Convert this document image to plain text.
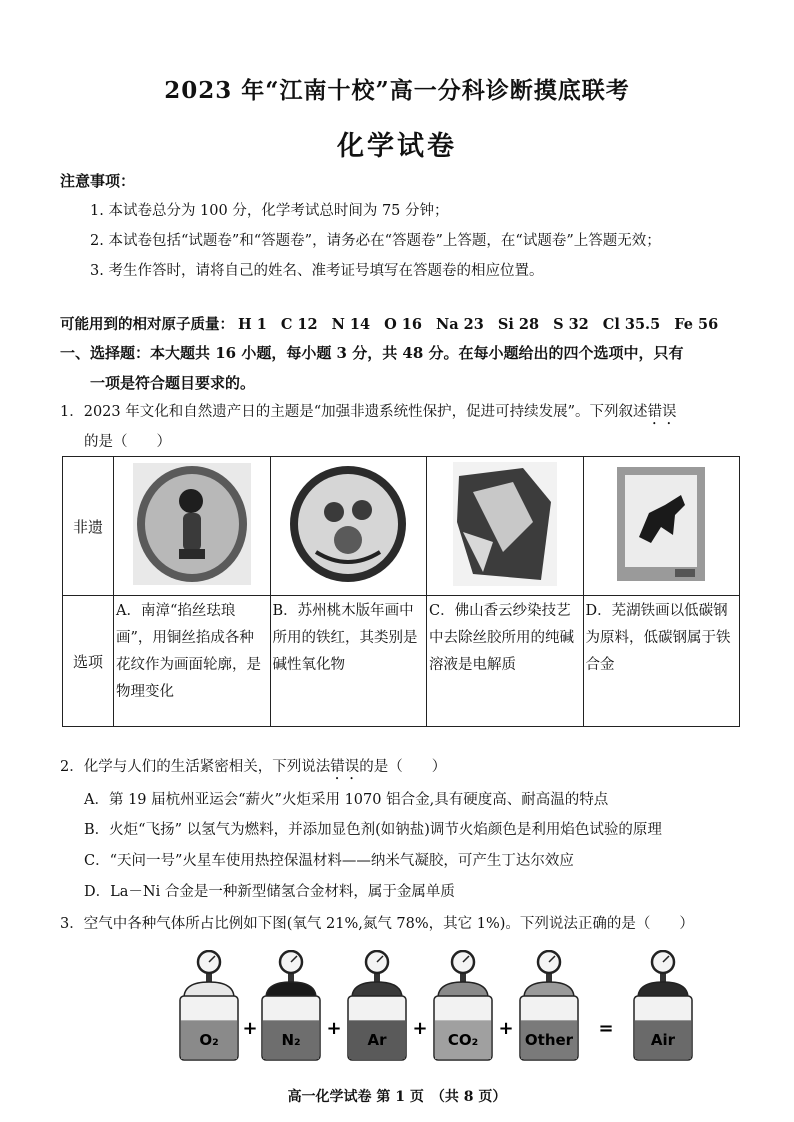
2023 年“江南十校”高一分科诊断摸底联考
化学试卷
注意事项：
1. 本试卷总分为 100 分，化学考试总时间为 75 分钟；
2. 本试卷包括“试题卷”和“答题卷”，请务必在“答题卷”上答题，在“试题卷”上答题无效；
3. 考生作答时，请将自己的姓名、准考证号填写在答题卷的相应位置。
可能用到的相对原子质量： H 1 C 12 N 14 O 16 Na 23 Si 28 S 32 Cl 35.5 Fe 56
一、选择题：本大题共 16 小题，每小题 3 分，共 48 分。在每小题给出的四个选项中，只有
一项是符合题目要求的。
1．2023 年文化和自然遗产日的主题是“加强非遗系统性保护，促进可持续发展”。下列叙述错误
的是（　　）
非遗				
选项	A．南漳“掐丝珐琅画”，用铜丝掐成各种花纹作为画面轮廓，是物理变化	B．苏州桃木版年画中所用的铁红，其类别是碱性氧化物	C．佛山香云纱染技艺中去除丝胶所用的纯碱溶液是电解质	D．芜湖铁画以低碳钢为原料，低碳钢属于铁合金
2．化学与人们的生活紧密相关，下列说法错误的是（　　）
A．第 19 届杭州亚运会“薪火”火炬采用 1070 铝合金,具有硬度高、耐高温的特点
B．火炬“飞扬” 以氢气为燃料，并添加显色剂(如钠盐)调节火焰颜色是利用焰色试验的原理
C．“天问一号”火星车使用热控保温材料——纳米气凝胶，可产生丁达尔效应
D．La－Ni 合金是一种新型储氢合金材料，属于金属单质
3．空气中各种气体所占比例如下图(氧气 21%,氮气 78%，其它 1%)。下列说法正确的是（　　）
O₂	N₂	Ar	CO₂	Other	Air
+	+	+	+	=
高一化学试卷 第 1 页　（共 8 页）
